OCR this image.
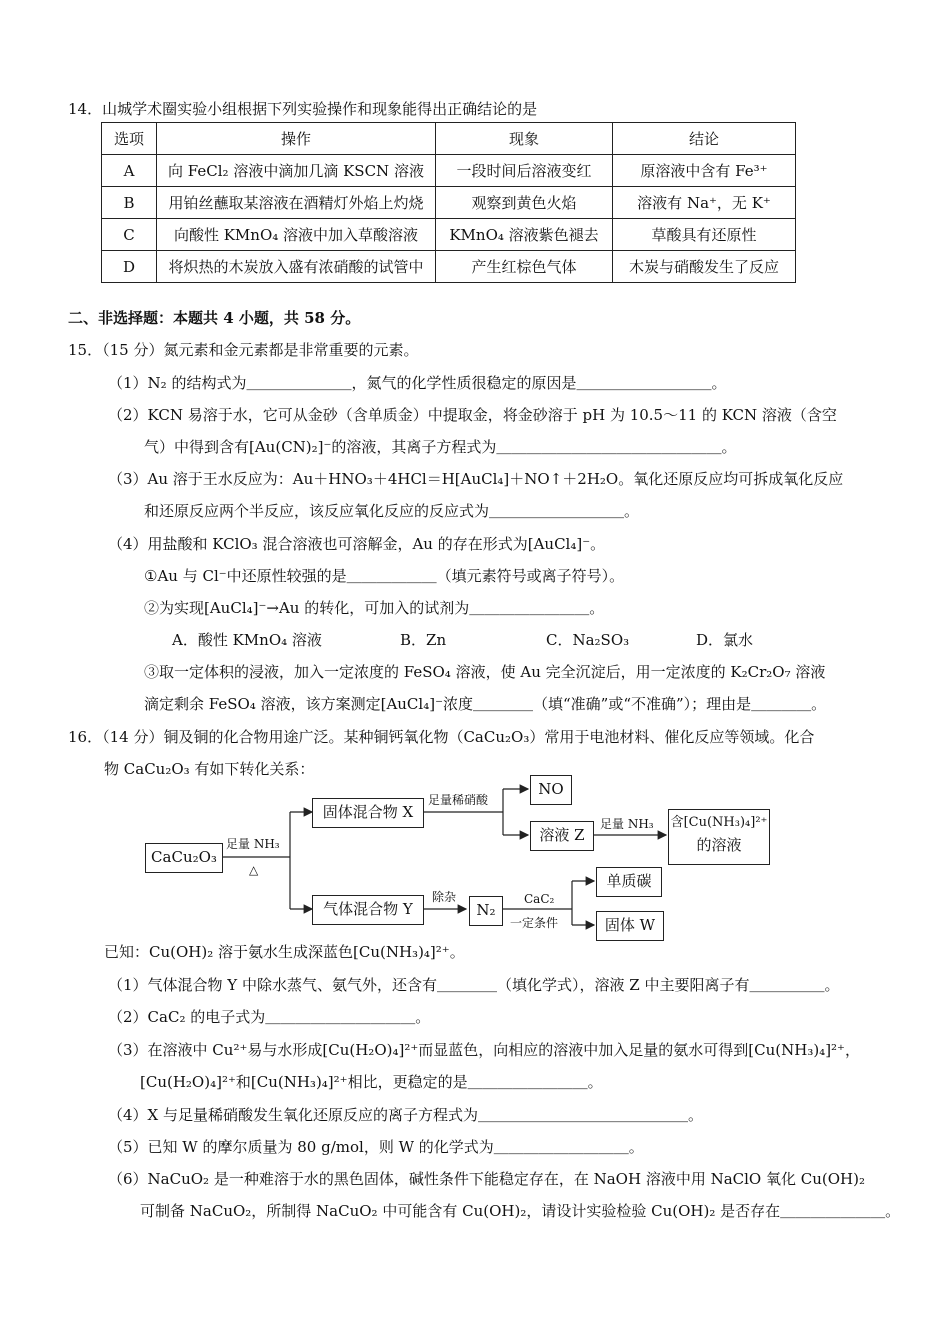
14．山城学术圈实验小组根据下列实验操作和现象能得出正确结论的是
选项	操作	现象	结论
A	向 FeCl₂ 溶液中滴加几滴 KSCN 溶液	一段时间后溶液变红	原溶液中含有 Fe³⁺
B	用铂丝蘸取某溶液在酒精灯外焰上灼烧	观察到黄色火焰	溶液有 Na⁺，无 K⁺
C	向酸性 KMnO₄ 溶液中加入草酸溶液	KMnO₄ 溶液紫色褪去	草酸具有还原性
D	将炽热的木炭放入盛有浓硝酸的试管中	产生红棕色气体	木炭与硝酸发生了反应
二、非选择题：本题共 4 小题，共 58 分。
15．（15 分）氮元素和金元素都是非常重要的元素。
（1）N₂ 的结构式为＿＿＿＿＿＿＿，氮气的化学性质很稳定的原因是＿＿＿＿＿＿＿＿＿。
（2）KCN 易溶于水，它可从金砂（含单质金）中提取金，将金砂溶于 pH 为 10.5～11 的 KCN 溶液（含空
气）中得到含有[Au(CN)₂]⁻的溶液，其离子方程式为＿＿＿＿＿＿＿＿＿＿＿＿＿＿＿。
（3）Au 溶于王水反应为：Au＋HNO₃＋4HCl＝H[AuCl₄]＋NO↑＋2H₂O。氧化还原反应均可拆成氧化反应
和还原反应两个半反应，该反应氧化反应的反应式为＿＿＿＿＿＿＿＿＿。
（4）用盐酸和 KClO₃ 混合溶液也可溶解金，Au 的存在形式为[AuCl₄]⁻。
①Au 与 Cl⁻中还原性较强的是＿＿＿＿＿＿（填元素符号或离子符号）。
②为实现[AuCl₄]⁻→Au 的转化，可加入的试剂为＿＿＿＿＿＿＿＿。
A．酸性 KMnO₄ 溶液	B．Zn	C．Na₂SO₃	D．氯水
③取一定体积的浸液，加入一定浓度的 FeSO₄ 溶液，使 Au 完全沉淀后，用一定浓度的 K₂Cr₂O₇ 溶液
滴定剩余 FeSO₄ 溶液，该方案测定[AuCl₄]⁻浓度＿＿＿＿（填“准确”或“不准确”）；理由是＿＿＿＿。
16．（14 分）铜及铜的化合物用途广泛。某种铜钙氧化物（CaCu₂O₃）常用于电池材料、催化反应等领域。化合
物 CaCu₂O₃ 有如下转化关系：
CaCu₂O₃
足量 NH₃
△
固体混合物 X
气体混合物 Y
足量稀硝酸
NO
溶液 Z
足量 NH₃ 含[Cu(NH₃)₄]²⁺
的溶液
除杂
N₂
CaC₂
一定条件
单质碳
固体 W
已知：Cu(OH)₂ 溶于氨水生成深蓝色[Cu(NH₃)₄]²⁺。
（1）气体混合物 Y 中除水蒸气、氨气外，还含有＿＿＿＿（填化学式），溶液 Z 中主要阳离子有＿＿＿＿＿。
（2）CaC₂ 的电子式为＿＿＿＿＿＿＿＿＿＿。
（3）在溶液中 Cu²⁺易与水形成[Cu(H₂O)₄]²⁺而显蓝色，向相应的溶液中加入足量的氨水可得到[Cu(NH₃)₄]²⁺，
[Cu(H₂O)₄]²⁺和[Cu(NH₃)₄]²⁺相比，更稳定的是＿＿＿＿＿＿＿＿。
（4）X 与足量稀硝酸发生氧化还原反应的离子方程式为＿＿＿＿＿＿＿＿＿＿＿＿＿＿。
（5）已知 W 的摩尔质量为 80 g/mol，则 W 的化学式为＿＿＿＿＿＿＿＿＿。
（6）NaCuO₂ 是一种难溶于水的黑色固体，碱性条件下能稳定存在，在 NaOH 溶液中用 NaClO 氧化 Cu(OH)₂
可制备 NaCuO₂，所制得 NaCuO₂ 中可能含有 Cu(OH)₂，请设计实验检验 Cu(OH)₂ 是否存在＿＿＿＿＿＿＿。
